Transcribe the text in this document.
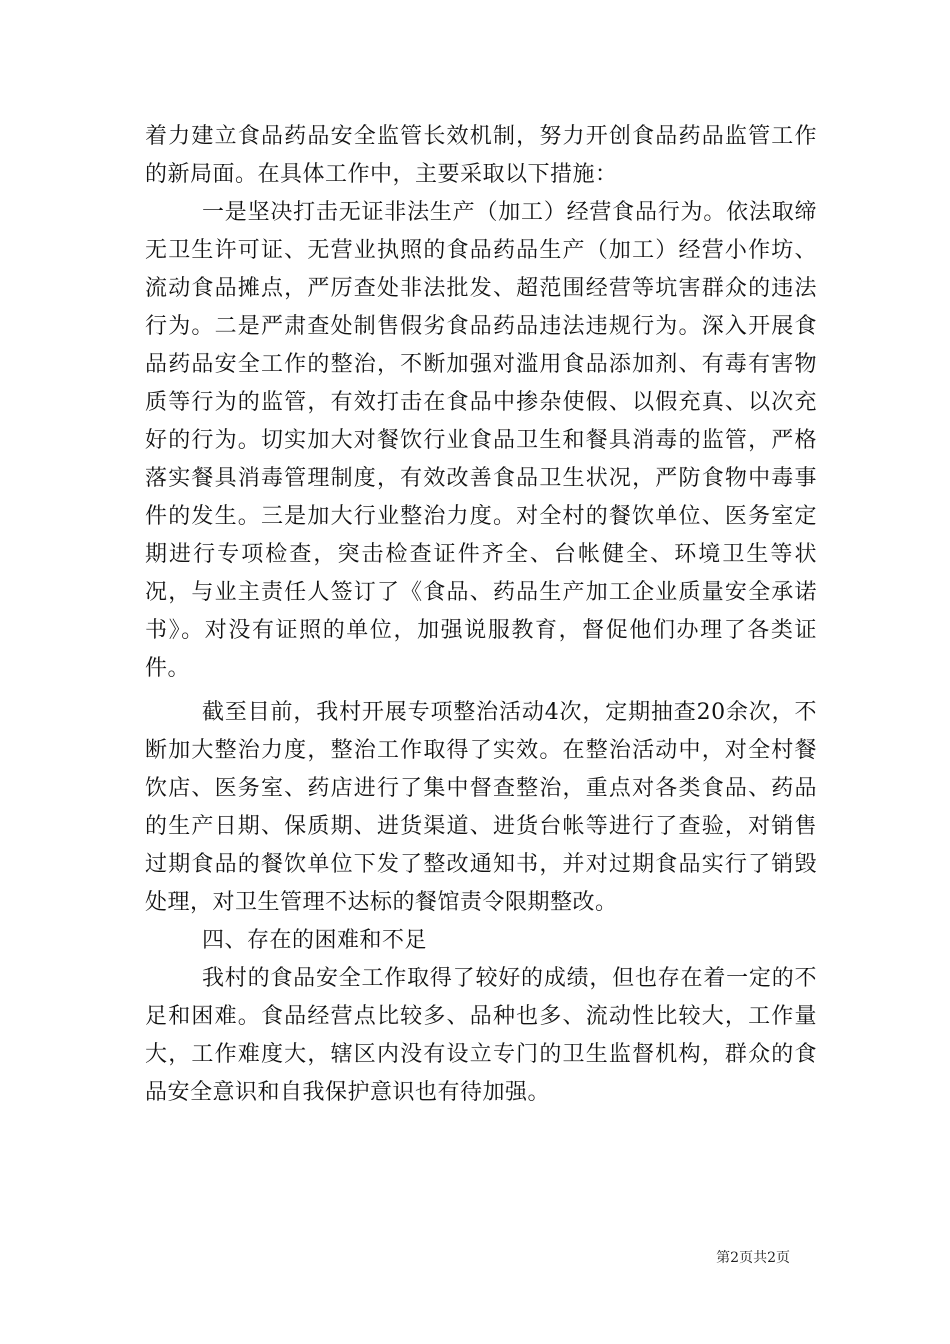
着力建立食品药品安全监管长效机制，努力开创食品药品监管工作的新局面。在具体工作中，主要采取以下措施：

一是坚决打击无证非法生产（加工）经营食品行为。依法取缔无卫生许可证、无营业执照的食品药品生产（加工）经营小作坊、流动食品摊点，严厉查处非法批发、超范围经营等坑害群众的违法行为。二是严肃查处制售假劣食品药品违法违规行为。深入开展食品药品安全工作的整治，不断加强对滥用食品添加剂、有毒有害物质等行为的监管，有效打击在食品中掺杂使假、以假充真、以次充好的行为。切实加大对餐饮行业食品卫生和餐具消毒的监管，严格落实餐具消毒管理制度，有效改善食品卫生状况，严防食物中毒事件的发生。三是加大行业整治力度。对全村的餐饮单位、医务室定期进行专项检查，突击检查证件齐全、台帐健全、环境卫生等状况，与业主责任人签订了《食品、药品生产加工企业质量安全承诺书》。对没有证照的单位，加强说服教育，督促他们办理了各类证件。

截至目前，我村开展专项整治活动4次，定期抽查20余次，不断加大整治力度，整治工作取得了实效。在整治活动中，对全村餐饮店、医务室、药店进行了集中督查整治，重点对各类食品、药品的生产日期、保质期、进货渠道、进货台帐等进行了查验，对销售过期食品的餐饮单位下发了整改通知书，并对过期食品实行了销毁处理，对卫生管理不达标的餐馆责令限期整改。

四、存在的困难和不足

我村的食品安全工作取得了较好的成绩，但也存在着一定的不足和困难。食品经营点比较多、品种也多、流动性比较大，工作量大，工作难度大，辖区内没有设立专门的卫生监督机构，群众的食品安全意识和自我保护意识也有待加强。

第2页共2页
